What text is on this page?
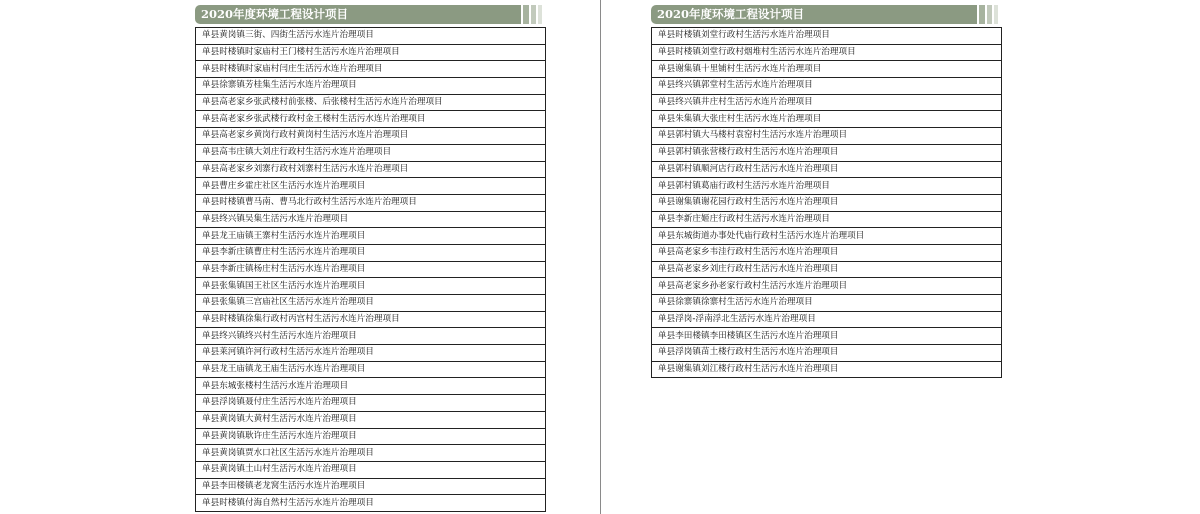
2020年度环境工程设计项目
单县黄岗镇三街、四街生活污水连片治理项目
单县时楼镇时家庙村王门楼村生活污水连片治理项目
单县时楼镇时家庙村闫庄生活污水连片治理项目
单县徐寨镇芳桂集生活污水连片治理项目
单县高老家乡张武楼村前张楼、后张楼村生活污水连片治理项目
单县高老家乡张武楼行政村金王楼村生活污水连片治理项目
单县高老家乡黄岗行政村黄岗村生活污水连片治理项目
单县高韦庄镇大刘庄行政村生活污水连片治理项目
单县高老家乡刘寨行政村刘寨村生活污水连片治理项目
单县曹庄乡霍庄社区生活污水连片治理项目
单县时楼镇曹马南、曹马北行政村生活污水连片治理项目
单县终兴镇吴集生活污水连片治理项目
单县龙王庙镇王寨村生活污水连片治理项目
单县李新庄镇曹庄村生活污水连片治理项目
单县李新庄镇杨庄村生活污水连片治理项目
单县张集镇国王社区生活污水连片治理项目
单县张集镇三宫庙社区生活污水连片治理项目
单县时楼镇徐集行政村丙宫村生活污水连片治理项目
单县终兴镇终兴村生活污水连片治理项目
单县莱河镇许河行政村生活污水连片治理项目
单县龙王庙镇龙王庙生活污水连片治理项目
单县东城张楼村生活污水连片治理项目
单县浮岗镇聂付庄生活污水连片治理项目
单县黄岗镇大黄村生活污水连片治理项目
单县黄岗镇耿许庄生活污水连片治理项目
单县黄岗镇贾水口社区生活污水连片治理项目
单县黄岗镇土山村生活污水连片治理项目
单县李田楼镇老龙窝生活污水连片治理项目
单县时楼镇付海自然村生活污水连片治理项目
2020年度环境工程设计项目
单县时楼镇刘堂行政村生活污水连片治理项目
单县时楼镇刘堂行政村烟堆村生活污水连片治理项目
单县谢集镇十里铺村生活污水连片治理项目
单县终兴镇郭堂村生活污水连片治理项目
单县终兴镇井庄村生活污水连片治理项目
单县朱集镇大张庄村生活污水连片治理项目
单县郭村镇大马楼村袁窑村生活污水连片治理项目
单县郭村镇张营楼行政村生活污水连片治理项目
单县郭村镇顺河店行政村生活污水连片治理项目
单县郭村镇葛庙行政村生活污水连片治理项目
单县谢集镇谢花园行政村生活污水连片治理项目
单县李新庄姬庄行政村生活污水连片治理项目
单县东城街道办事处代庙行政村生活污水连片治理项目
单县高老家乡韦洼行政村生活污水连片治理项目
单县高老家乡刘庄行政村生活污水连片治理项目
单县高老家乡孙老家行政村生活污水连片治理项目
单县徐寨镇徐寨村生活污水连片治理项目
单县浮岗-浮南浮北生活污水连片治理项目
单县李田楼镇李田楼镇区生活污水连片治理项目
单县浮岗镇苗土楼行政村生活污水连片治理项目
单县谢集镇刘江楼行政村生活污水连片治理项目
